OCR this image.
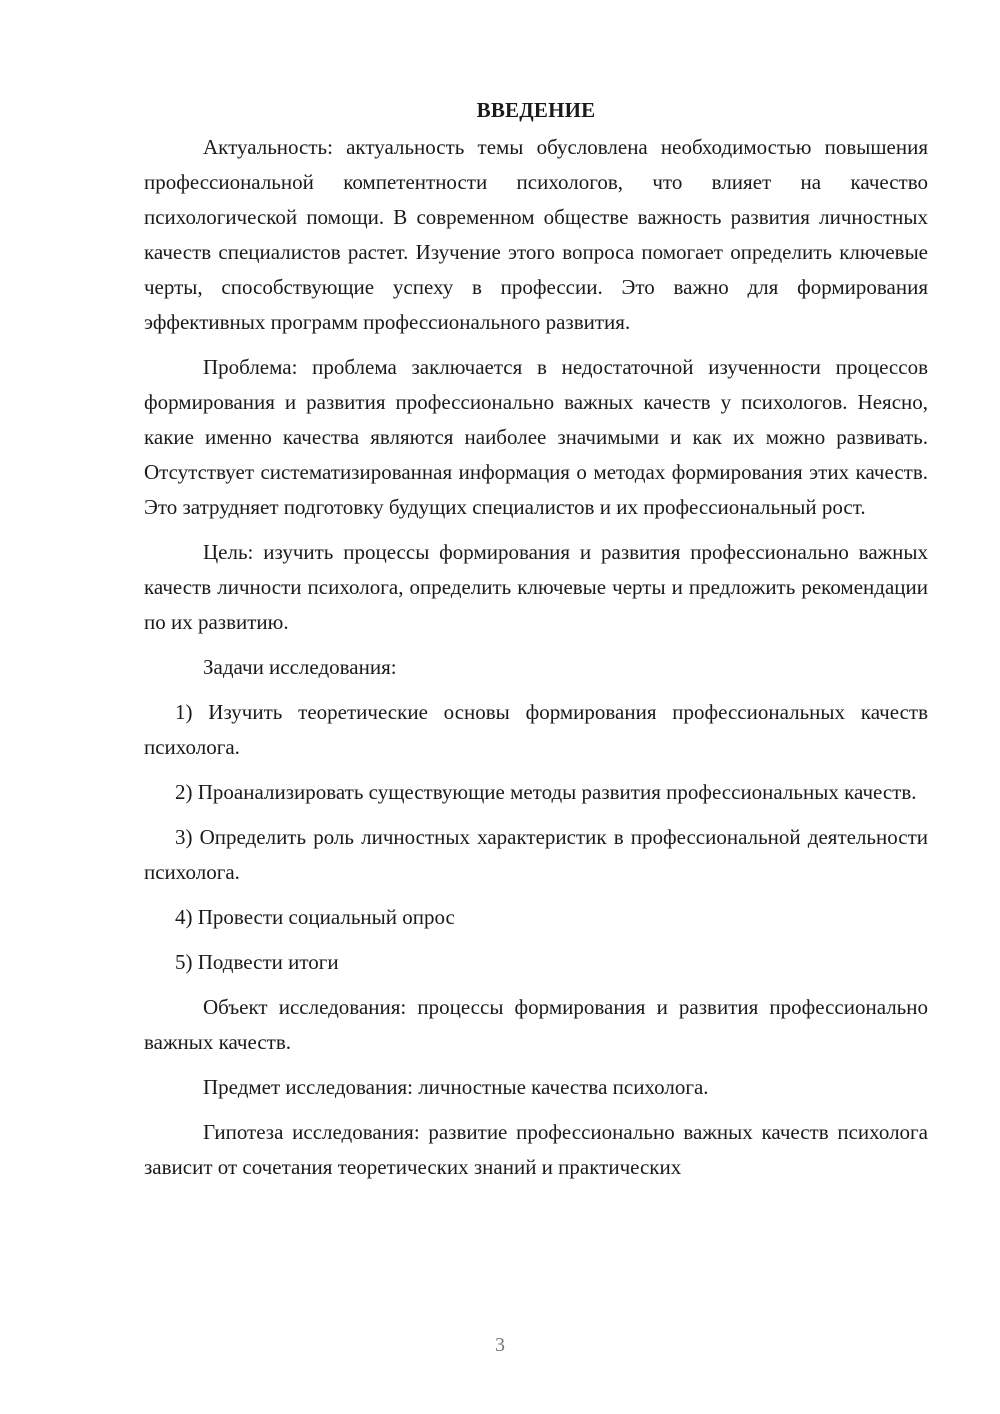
ВВЕДЕНИЕ

Актуальность: актуальность темы обусловлена необходимостью повышения профессиональной компетентности психологов, что влияет на качество психологической помощи. В современном обществе важность развития личностных качеств специалистов растет. Изучение этого вопроса помогает определить ключевые черты, способствующие успеху в профессии. Это важно для формирования эффективных программ профессионального развития.

Проблема: проблема заключается в недостаточной изученности процессов формирования и развития профессионально важных качеств у психологов. Неясно, какие именно качества являются наиболее значимыми и как их можно развивать. Отсутствует систематизированная информация о методах формирования этих качеств. Это затрудняет подготовку будущих специалистов и их профессиональный рост.

Цель: изучить процессы формирования и развития профессионально важных качеств личности психолога, определить ключевые черты и предложить рекомендации по их развитию.

Задачи исследования:

1) Изучить теоретические основы формирования профессиональных качеств психолога.

2) Проанализировать существующие методы развития профессиональных качеств.

3) Определить роль личностных характеристик в профессиональной деятельности психолога.

4) Провести социальный опрос

5) Подвести итоги

Объект исследования: процессы формирования и развития профессионально важных качеств.

Предмет исследования: личностные качества психолога.

Гипотеза исследования: развитие профессионально важных качеств психолога зависит от сочетания теоретических знаний и практических

3
